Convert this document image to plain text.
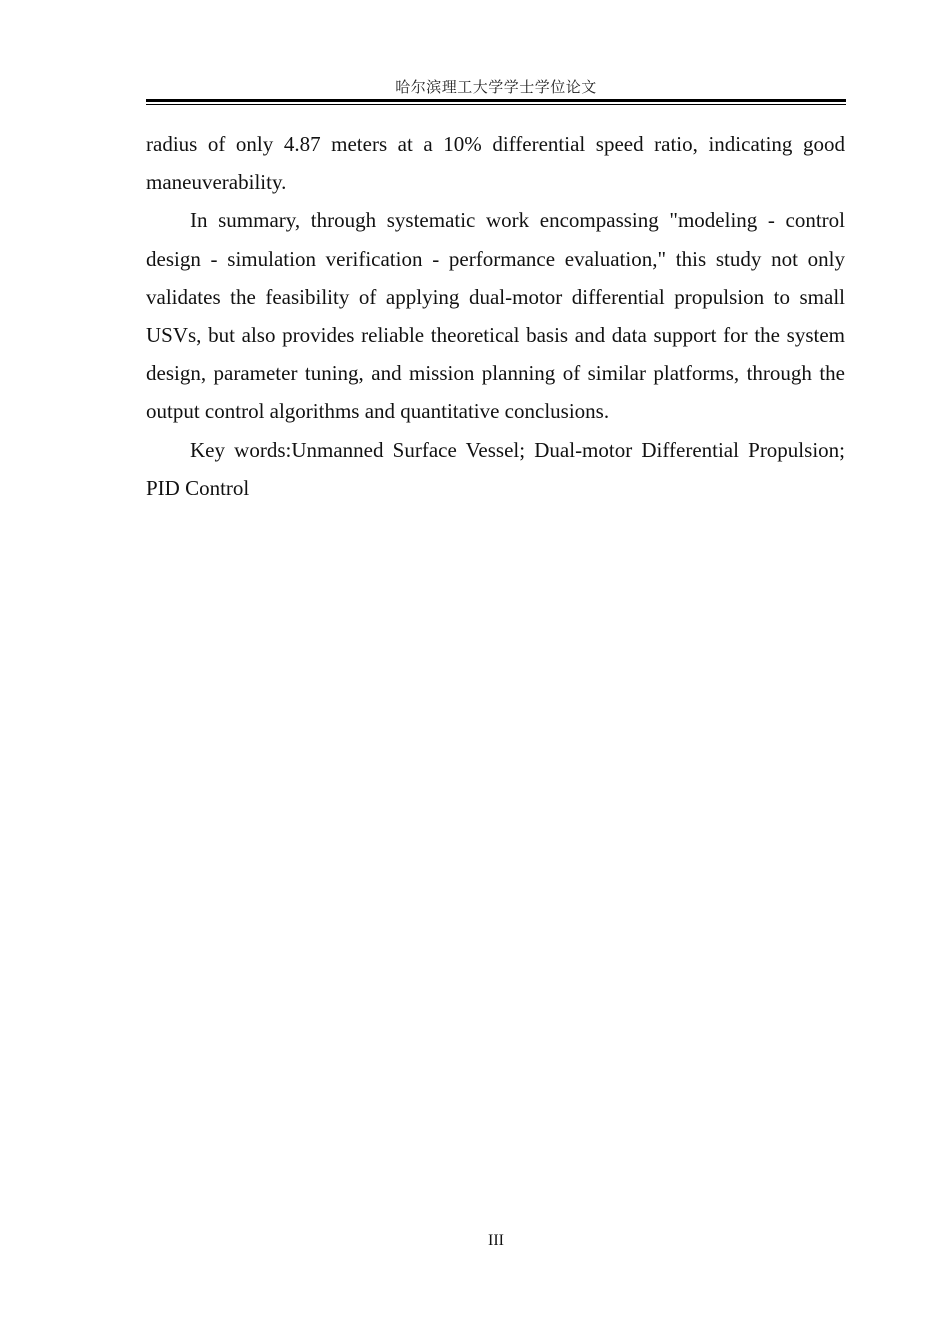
哈尔滨理工大学学士学位论文

radius of only 4.87 meters at a 10% differential speed ratio, indicating good maneuverability.

In summary, through systematic work encompassing "modeling - control design - simulation verification - performance evaluation," this study not only validates the feasibility of applying dual-motor differential propulsion to small USVs, but also provides reliable theoretical basis and data support for the system design, parameter tuning, and mission planning of similar platforms, through the output control algorithms and quantitative conclusions.

Key words:Unmanned Surface Vessel; Dual-motor Differential Propulsion; PID Control

III
